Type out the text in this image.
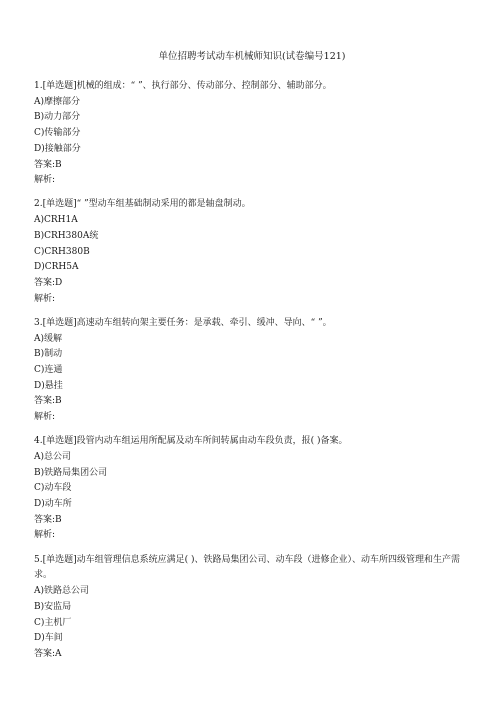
单位招聘考试动车机械师知识(试卷编号121)
1.[单选题]机械的组成：“ ”、执行部分、传动部分、控制部分、辅助部分。
A)摩擦部分
B)动力部分
C)传输部分
D)接触部分
答案:B
解析:
2.[单选题]“ ”型动车组基础制动采用的都是轴盘制动。
A)CRH1A
B)CRH380A统
C)CRH380B
D)CRH5A
答案:D
解析:
3.[单选题]高速动车组转向架主要任务：是承载、牵引、缓冲、导向、“ ”。
A)缓解
B)制动
C)连通
D)悬挂
答案:B
解析:
4.[单选题]段管内动车组运用所配属及动车所间转属由动车段负责，报( )备案。
A)总公司
B)铁路局集团公司
C)动车段
D)动车所
答案:B
解析:
5.[单选题]动车组管理信息系统应满足( )、铁路局集团公司、动车段（进修企业）、动车所四级管理和生产需求。
A)铁路总公司
B)安监局
C)主机厂
D)车间
答案:A
